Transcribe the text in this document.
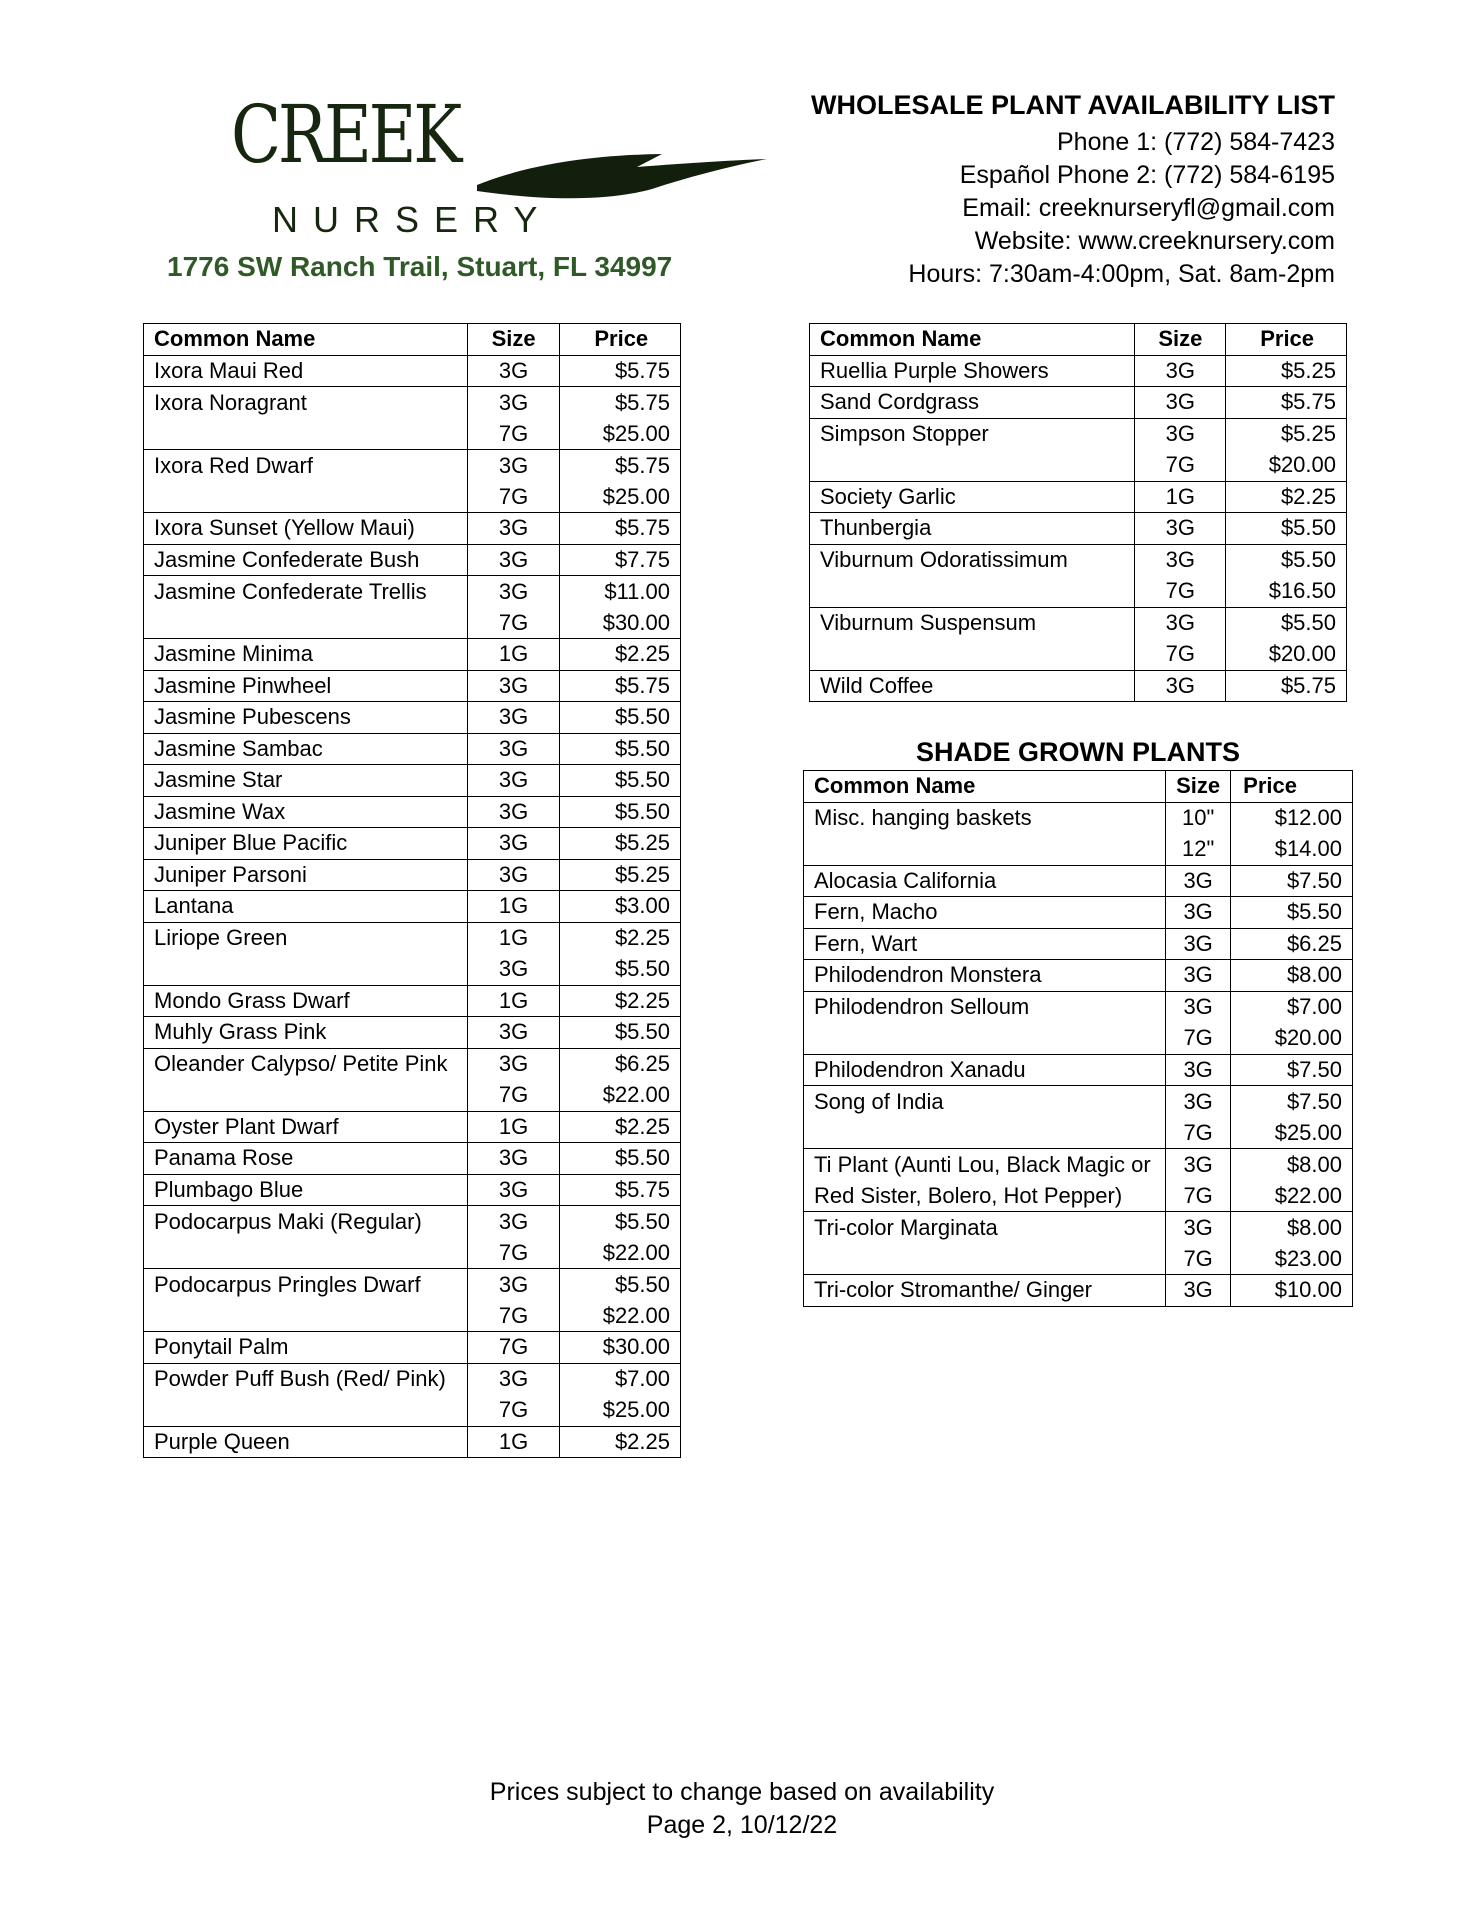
CREEK
NURSERY
1776 SW Ranch Trail, Stuart, FL 34997
WHOLESALE PLANT AVAILABILITY LIST
Phone 1: (772) 584-7423
Español Phone 2: (772) 584-6195
Email: creeknurseryfl@gmail.com
Website: www.creeknursery.com
Hours: 7:30am-4:00pm, Sat. 8am-2pm
Common Name	Size	Price
Ixora Maui Red	3G	$5.75
Ixora Noragrant	3G	$5.75
	7G	$25.00
Ixora Red Dwarf	3G	$5.75
	7G	$25.00
Ixora Sunset (Yellow Maui)	3G	$5.75
Jasmine Confederate Bush	3G	$7.75
Jasmine Confederate Trellis	3G	$11.00
	7G	$30.00
Jasmine Minima	1G	$2.25
Jasmine Pinwheel	3G	$5.75
Jasmine Pubescens	3G	$5.50
Jasmine Sambac	3G	$5.50
Jasmine Star	3G	$5.50
Jasmine Wax	3G	$5.50
Juniper Blue Pacific	3G	$5.25
Juniper Parsoni	3G	$5.25
Lantana	1G	$3.00
Liriope Green	1G	$2.25
	3G	$5.50
Mondo Grass Dwarf	1G	$2.25
Muhly Grass Pink	3G	$5.50
Oleander Calypso/ Petite Pink	3G	$6.25
	7G	$22.00
Oyster Plant Dwarf	1G	$2.25
Panama Rose	3G	$5.50
Plumbago Blue	3G	$5.75
Podocarpus Maki (Regular)	3G	$5.50
	7G	$22.00
Podocarpus Pringles Dwarf	3G	$5.50
	7G	$22.00
Ponytail Palm	7G	$30.00
Powder Puff Bush (Red/ Pink)	3G	$7.00
	7G	$25.00
Purple Queen	1G	$2.25
Common Name	Size	Price
Ruellia Purple Showers	3G	$5.25
Sand Cordgrass	3G	$5.75
Simpson Stopper	3G	$5.25
	7G	$20.00
Society Garlic	1G	$2.25
Thunbergia	3G	$5.50
Viburnum Odoratissimum	3G	$5.50
	7G	$16.50
Viburnum Suspensum	3G	$5.50
	7G	$20.00
Wild Coffee	3G	$5.75
SHADE GROWN PLANTS
Common Name	Size	Price
Misc. hanging baskets	10"	$12.00
	12"	$14.00
Alocasia California	3G	$7.50
Fern, Macho	3G	$5.50
Fern, Wart	3G	$6.25
Philodendron Monstera	3G	$8.00
Philodendron Selloum	3G	$7.00
	7G	$20.00
Philodendron Xanadu	3G	$7.50
Song of India	3G	$7.50
	7G	$25.00
Ti Plant (Aunti Lou, Black Magic or	3G	$8.00
Red Sister, Bolero, Hot Pepper)	7G	$22.00
Tri-color Marginata	3G	$8.00
	7G	$23.00
Tri-color Stromanthe/ Ginger	3G	$10.00
Prices subject to change based on availability
Page 2, 10/12/22
